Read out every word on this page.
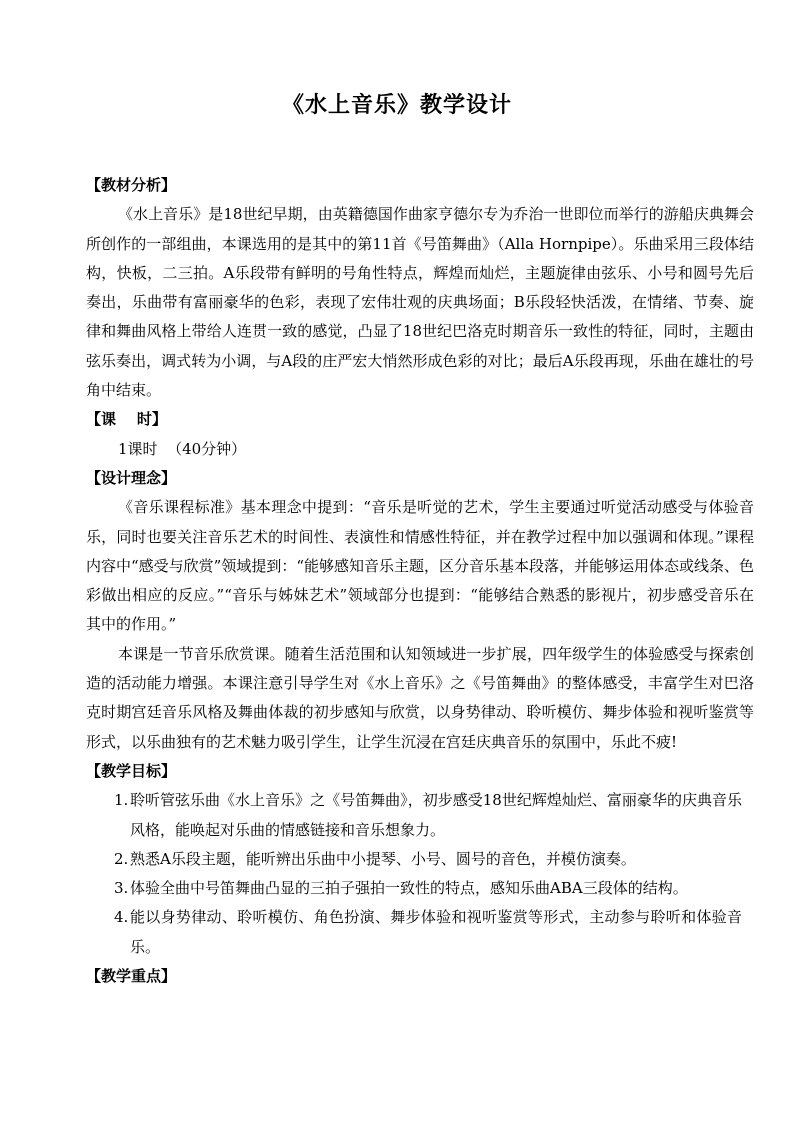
《水上音乐》教学设计
【教材分析】

《水上音乐》是18世纪早期，由英籍德国作曲家亨德尔专为乔治一世即位而举行的游船庆典舞会所创作的一部组曲，本课选用的是其中的第11首《号笛舞曲》（Alla Hornpipe）。乐曲采用三段体结构，快板，二三拍。A乐段带有鲜明的号角性特点，辉煌而灿烂，主题旋律由弦乐、小号和圆号先后奏出，乐曲带有富丽豪华的色彩，表现了宏伟壮观的庆典场面；B乐段轻快活泼，在情绪、节奏、旋律和舞曲风格上带给人连贯一致的感觉，凸显了18世纪巴洛克时期音乐一致性的特征，同时，主题由弦乐奏出，调式转为小调，与A段的庄严宏大悄然形成色彩的对比；最后A乐段再现，乐曲在雄壮的号角中结束。

【课    时】

1课时  （40分钟）

【设计理念】

《音乐课程标准》基本理念中提到：“音乐是听觉的艺术，学生主要通过听觉活动感受与体验音乐，同时也要关注音乐艺术的时间性、表演性和情感性特征，并在教学过程中加以强调和体现。”课程内容中“感受与欣赏”领域提到：“能够感知音乐主题，区分音乐基本段落，并能够运用体态或线条、色彩做出相应的反应。”“音乐与姊妹艺术”领域部分也提到：“能够结合熟悉的影视片，初步感受音乐在其中的作用。”

本课是一节音乐欣赏课。随着生活范围和认知领域进一步扩展，四年级学生的体验感受与探索创造的活动能力增强。本课注意引导学生对《水上音乐》之《号笛舞曲》的整体感受，丰富学生对巴洛克时期宫廷音乐风格及舞曲体裁的初步感知与欣赏，以身势律动、聆听模仿、舞步体验和视听鉴赏等形式，以乐曲独有的艺术魅力吸引学生，让学生沉浸在宫廷庆典音乐的氛围中，乐此不疲!

【教学目标】
1. 聆听管弦乐曲《水上音乐》之《号笛舞曲》，初步感受18世纪辉煌灿烂、富丽豪华的庆典音乐风格，能唤起对乐曲的情感链接和音乐想象力。
2. 熟悉A乐段主题，能听辨出乐曲中小提琴、小号、圆号的音色，并模仿演奏。
3. 体验全曲中号笛舞曲凸显的三拍子强拍一致性的特点，感知乐曲ABA三段体的结构。
4. 能以身势律动、聆听模仿、角色扮演、舞步体验和视听鉴赏等形式，主动参与聆听和体验音乐。
【教学重点】
